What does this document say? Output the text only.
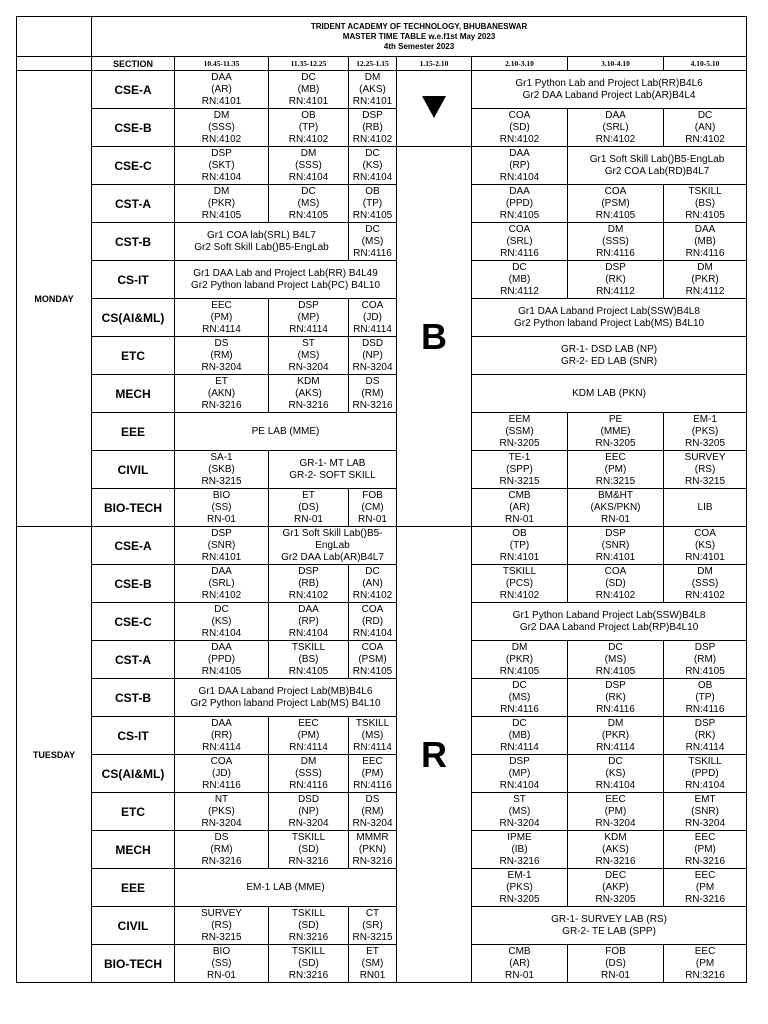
	TRIDENT ACADEMY OF TECHNOLOGY, BHUBANESWAR
MASTER TIME TABLE w.e.f1st May 2023
4th Semester 2023							

	SECTION	10.45-11.35	11.35-12.25	12.25-1.15	1.15-2.10	2.10-3.10	3.10-4.10	4.10-5.10
MONDAY	CSE-A	DAA
(AR)
RN:4101	DC
(MB)
RN:4101	DM
(AKS)
RN:4101		Gr1 Python Lab and Project Lab(RR)B4L6
Gr2 DAA Laband Project Lab(AR)B4L4		

	CSE-B	DM
(SSS)
RN:4102	OB
(TP)
RN:4102	DSP
(RB)
RN:4102		COA
(SD)
RN:4102	DAA
(SRL)
RN:4102	DC
(AN)
RN:4102

	CSE-C	DSP
(SKT)
RN:4104	DM
(SSS)
RN:4104	DC
(KS)
RN:4104	B	DAA
(RP)
RN:4104	Gr1 Soft Skill Lab()B5-EngLab
Gr2 COA Lab(RD)B4L7	

	CST-A	DM
(PKR)
RN:4105	DC
(MS)
RN:4105	OB
(TP)
RN:4105		DAA
(PPD)
RN:4105	COA
(PSM)
RN:4105	TSKILL
(BS)
RN:4105

	CST-B	Gr1 COA lab(SRL) B4L7
Gr2 Soft Skill Lab()B5-EngLab		DC
(MS)
RN:4116		COA
(SRL)
RN:4116	DM
(SSS)
RN:4116	DAA
(MB)
RN:4116

	CS-IT	Gr1 DAA Lab and Project Lab(RR) B4L49
Gr2 Python laband Project Lab(PC) B4L10				DC
(MB)
RN:4112	DSP
(RK)
RN:4112	DM
(PKR)
RN:4112

	CS(AI&ML)	EEC
(PM)
RN:4114	DSP
(MP)
RN:4114	COA
(JD)
RN:4114		Gr1 DAA Laband Project Lab(SSW)B4L8
Gr2 Python laband Project Lab(MS) B4L10		

	ETC	DS
(RM)
RN-3204	ST
(MS)
RN-3204	DSD
(NP)
RN-3204		GR-1- DSD LAB (NP)
GR-2- ED LAB (SNR)		

	MECH	ET
(AKN)
RN-3216	KDM
(AKS)
RN-3216	DS
(RM)
RN-3216		KDM LAB (PKN)		

	EEE	PE LAB (MME)				EEM
(SSM)
RN-3205	PE
(MME)
RN-3205	EM-1
(PKS)
RN-3205

	CIVIL	SA-1
(SKB)
RN-3215	GR-1- MT LAB
GR-2- SOFT SKILL			TE-1
(SPP)
RN-3215	EEC
(PM)
RN:3215	SURVEY
(RS)
RN-3215

	BIO-TECH	BIO
(SS)
RN-01	ET
(DS)
RN-01	FOB
(CM)
RN-01		CMB
(AR)
RN-01	BM&HT
(AKS/PKN)
RN-01	LIB

TUESDAY	CSE-A	DSP
(SNR)
RN:4101	Gr1 Soft Skill Lab()B5-EngLab
Gr2 DAA Lab(AR)B4L7		R	OB
(TP)
RN:4101	DSP
(SNR)
RN:4101	COA
(KS)
RN:4101

	CSE-B	DAA
(SRL)
RN:4102	DSP
(RB)
RN:4102	DC
(AN)
RN:4102		TSKILL
(PCS)
RN:4102	COA
(SD)
RN:4102	DM
(SSS)
RN:4102

	CSE-C	DC
(KS)
RN:4104	DAA
(RP)
RN:4104	COA
(RD)
RN:4104		Gr1 Python Laband Project Lab(SSW)B4L8
Gr2 DAA Laband Project Lab(RP)B4L10		

	CST-A	DAA
(PPD)
RN:4105	TSKILL
(BS)
RN:4105	COA
(PSM)
RN:4105		DM
(PKR)
RN:4105	DC
(MS)
RN:4105	DSP
(RM)
RN:4105

	CST-B	Gr1 DAA Laband Project Lab(MB)B4L6
Gr2 Python laband Project Lab(MS) B4L10				DC
(MS)
RN:4116	DSP
(RK)
RN:4116	OB
(TP)
RN:4116

	CS-IT	DAA
(RR)
RN:4114	EEC
(PM)
RN:4114	TSKILL
(MS)
RN:4114		DC
(MB)
RN:4114	DM
(PKR)
RN:4114	DSP
(RK)
RN:4114

	CS(AI&ML)	COA
(JD)
RN:4116	DM
(SSS)
RN:4116	EEC
(PM)
RN:4116		DSP
(MP)
RN:4104	DC
(KS)
RN:4104	TSKILL
(PPD)
RN:4104

	ETC	NT
(PKS)
RN-3204	DSD
(NP)
RN-3204	DS
(RM)
RN-3204		ST
(MS)
RN-3204	EEC
(PM)
RN-3204	EMT
(SNR)
RN-3204

	MECH	DS
(RM)
RN-3216	TSKILL
(SD)
RN-3216	MMMR
(PKN)
RN-3216		IPME
(IB)
RN-3216	KDM
(AKS)
RN-3216	EEC
(PM)
RN-3216

	EEE	EM-1 LAB (MME)				EM-1
(PKS)
RN-3205	DEC
(AKP)
RN-3205	EEC
(PM
RN-3216

	CIVIL	SURVEY
(RS)
RN-3215	TSKILL
(SD)
RN:3216	CT
(SR)
RN-3215		GR-1- SURVEY LAB (RS)
GR-2- TE LAB (SPP)		

	BIO-TECH	BIO
(SS)
RN-01	TSKILL
(SD)
RN:3216	ET
(SM)
RN01		CMB
(AR)
RN-01	FOB
(DS)
RN-01	EEC
(PM
RN:3216
